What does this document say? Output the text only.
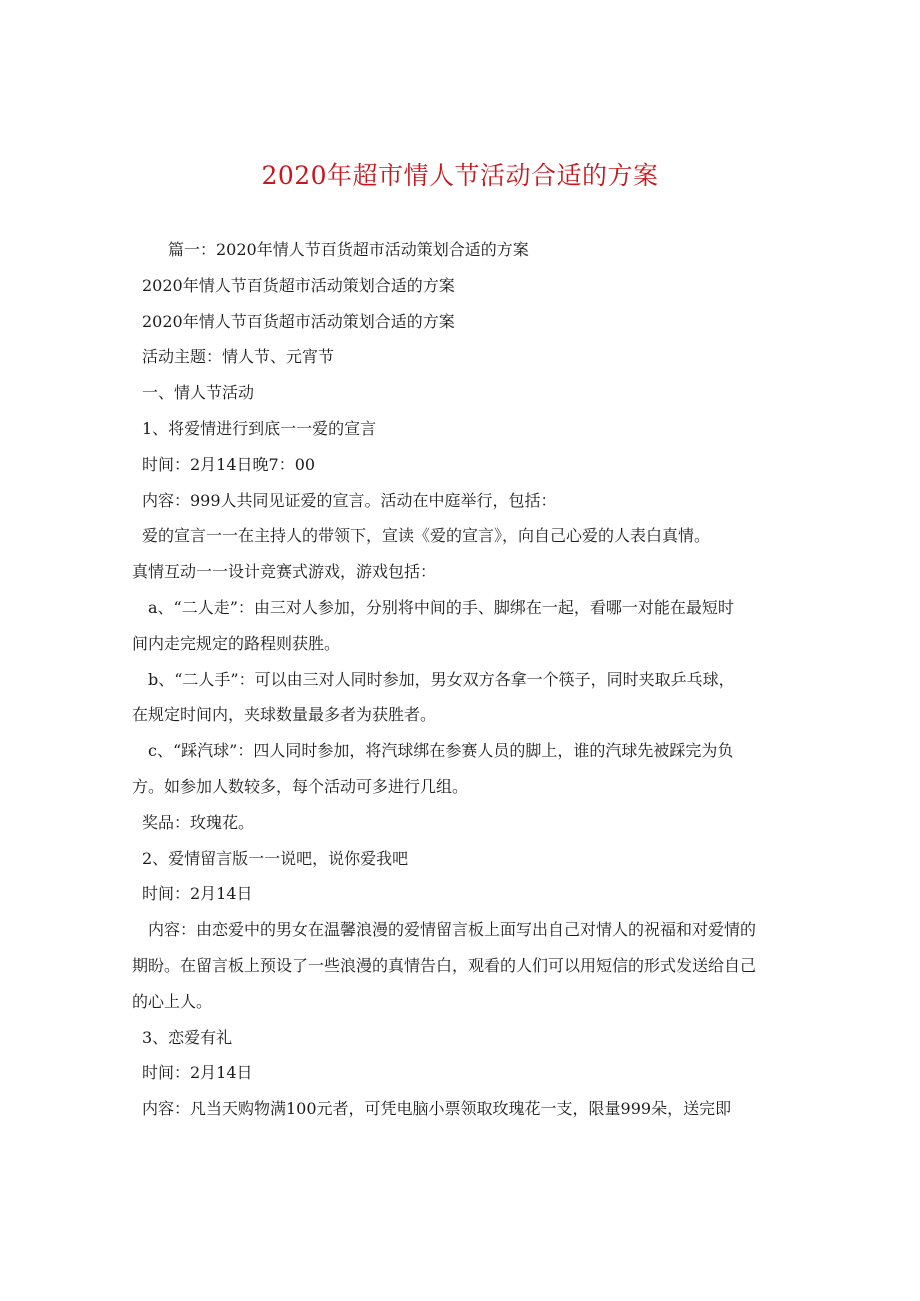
2020年超市情人节活动合适的方案

篇一：2020年情人节百货超市活动策划合适的方案

2020年情人节百货超市活动策划合适的方案

2020年情人节百货超市活动策划合适的方案

活动主题：情人节、元宵节

一、情人节活动

1、将爱情进行到底一一爱的宣言

时间：2月14日晚7：00

内容：999人共同见证爱的宣言。活动在中庭举行，包括：

爱的宣言一一在主持人的带领下，宣读《爱的宣言》，向自己心爱的人表白真情。

真情互动一一设计竞赛式游戏，游戏包括：

a、“二人走”：由三对人参加，分别将中间的手、脚绑在一起，看哪一对能在最短时
间内走完规定的路程则获胜。
b、“二人手”：可以由三对人同时参加，男女双方各拿一个筷子，同时夹取乒乓球，
在规定时间内，夹球数量最多者为获胜者。
c、“踩汽球”：四人同时参加，将汽球绑在参赛人员的脚上，谁的汽球先被踩完为负
方。如参加人数较多，每个活动可多进行几组。

奖品：玫瑰花。

2、爱情留言版一一说吧，说你爱我吧

时间：2月14日

内容：由恋爱中的男女在温馨浪漫的爱情留言板上面写出自己对情人的祝福和对爱情的
期盼。在留言板上预设了一些浪漫的真情告白，观看的人们可以用短信的形式发送给自己
的心上人。

3、恋爱有礼

时间：2月14日

内容：凡当天购物满100元者，可凭电脑小票领取玫瑰花一支，限量999朵，送完即
